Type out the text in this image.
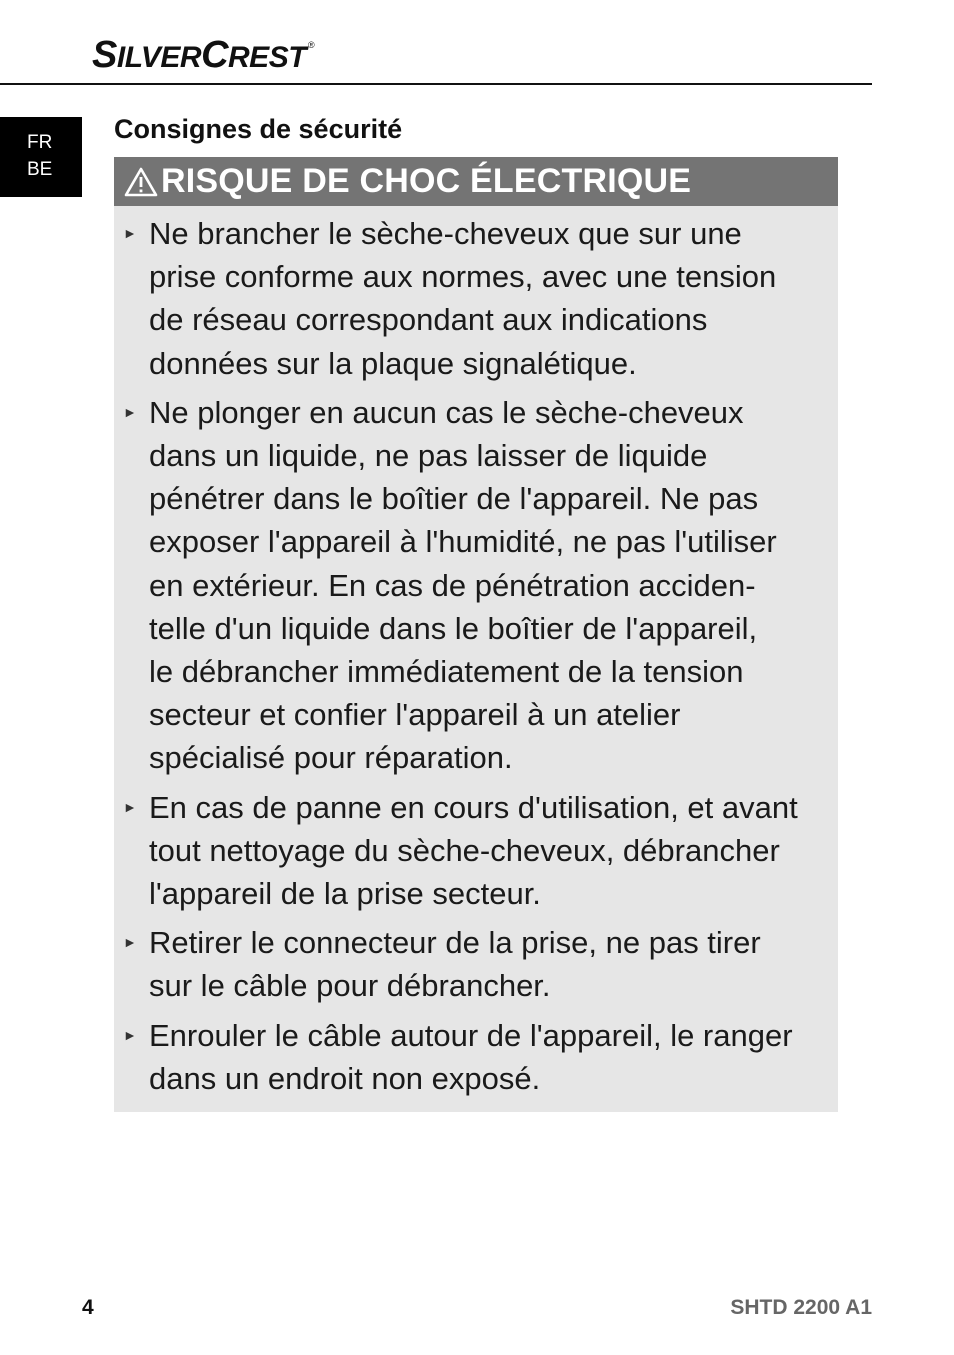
SILVERCREST ®
FR
BE
Consignes de sécurité
RISQUE DE CHOC ÉLECTRIQUE
► Ne brancher le sèche-cheveux que sur une
prise conforme aux normes, avec une tension
de réseau correspondant aux indications
données sur la plaque signalétique.
► Ne plonger en aucun cas le sèche-cheveux
dans un liquide, ne pas laisser de liquide
pénétrer dans le boîtier de l'appareil. Ne pas
exposer l'appareil à l'humidité, ne pas l'utiliser
en extérieur. En cas de pénétration acciden-
telle d'un liquide dans le boîtier de l'appareil,
le débrancher immédiatement de la tension
secteur et confier l'appareil à un atelier
spécialisé pour réparation.
► En cas de panne en cours d'utilisation, et avant
tout nettoyage du sèche-cheveux, débrancher
l'appareil de la prise secteur.
► Retirer le connecteur de la prise, ne pas tirer
sur le câble pour débrancher.
► Enrouler le câble autour de l'appareil, le ranger
dans un endroit non exposé.
4	SHTD 2200 A1
